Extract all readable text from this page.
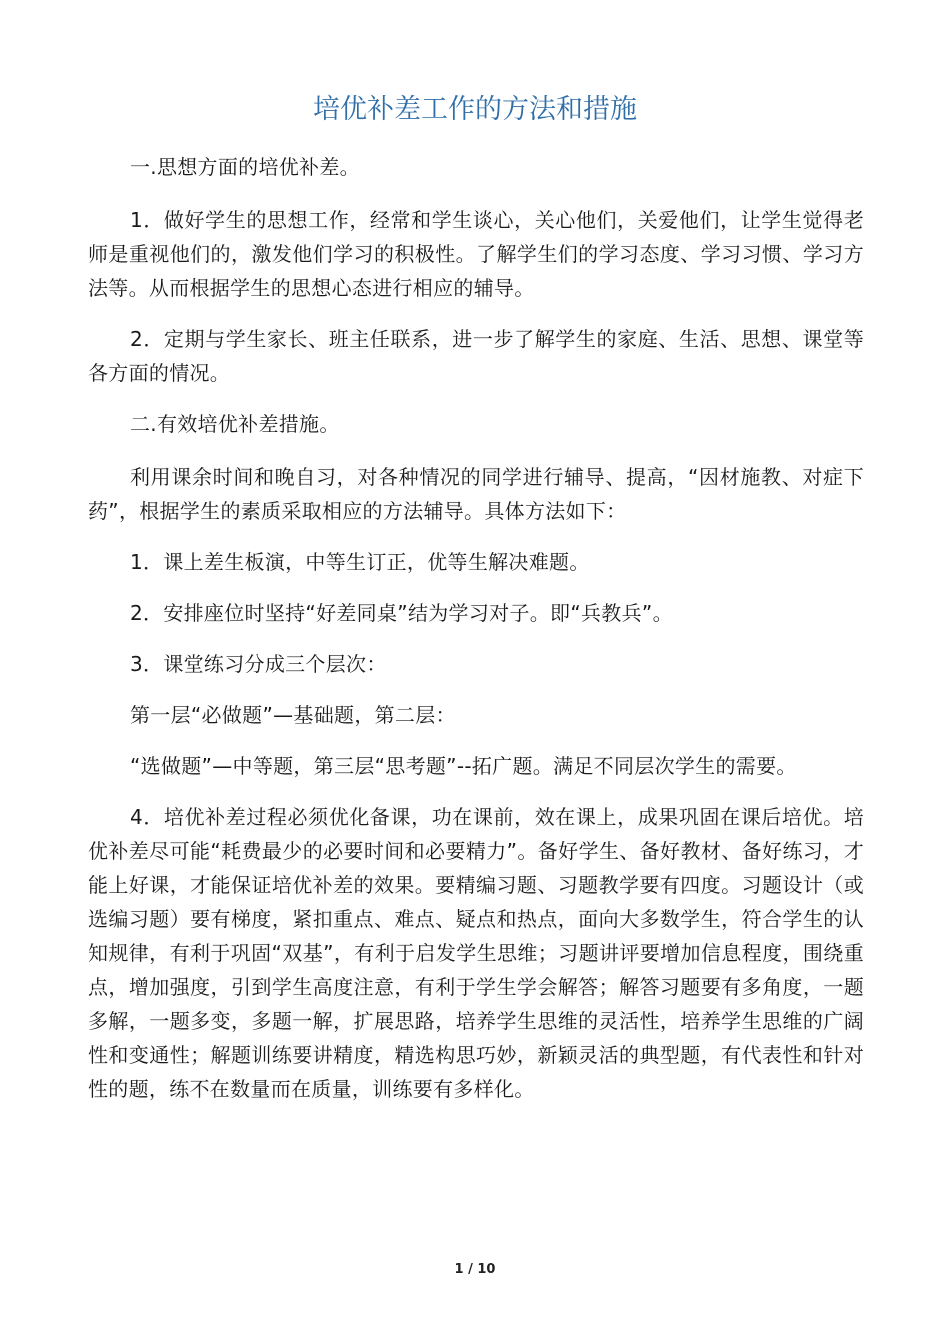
培优补差工作的方法和措施

一.思想方面的培优补差。

1．做好学生的思想工作，经常和学生谈心，关心他们，关爱他们，让学生觉得老师是重视他们的，激发他们学习的积极性。了解学生们的学习态度、学习习惯、学习方法等。从而根据学生的思想心态进行相应的辅导。

2．定期与学生家长、班主任联系，进一步了解学生的家庭、生活、思想、课堂等各方面的情况。

二.有效培优补差措施。

利用课余时间和晚自习，对各种情况的同学进行辅导、提高，“因材施教、对症下药”，根据学生的素质采取相应的方法辅导。具体方法如下：

1．课上差生板演，中等生订正，优等生解决难题。

2．安排座位时坚持“好差同桌”结为学习对子。即“兵教兵”。

3．课堂练习分成三个层次：

第一层“必做题”—基础题，第二层：

“选做题”—中等题，第三层“思考题”--拓广题。满足不同层次学生的需要。

4．培优补差过程必须优化备课，功在课前，效在课上，成果巩固在课后培优。培优补差尽可能“耗费最少的必要时间和必要精力”。备好学生、备好教材、备好练习，才能上好课，才能保证培优补差的效果。要精编习题、习题教学要有四度。习题设计（或选编习题）要有梯度，紧扣重点、难点、疑点和热点，面向大多数学生，符合学生的认知规律，有利于巩固“双基”，有利于启发学生思维；习题讲评要增加信息程度，围绕重点，增加强度，引到学生高度注意，有利于学生学会解答；解答习题要有多角度，一题多解，一题多变，多题一解，扩展思路，培养学生思维的灵活性，培养学生思维的广阔性和变通性；解题训练要讲精度，精选构思巧妙，新颖灵活的典型题，有代表性和针对性的题，练不在数量而在质量，训练要有多样化。

1 / 10
